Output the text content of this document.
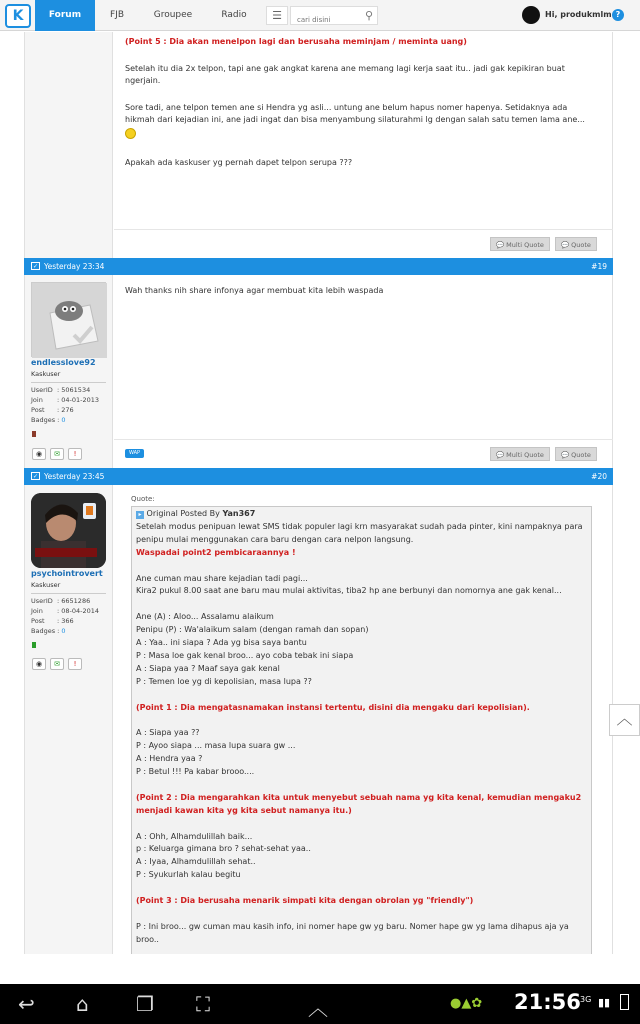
K	Forum	FJB	Groupee	Radio	☰
cari disini	⚲	Hi, produkmlm ?
(Point 5 : Dia akan menelpon lagi dan berusaha meminjam / meminta uang)
Setelah itu dia 2x telpon, tapi ane gak angkat karena ane memang lagi kerja saat itu.. jadi gak kepikiran buat ngerjain.
Sore tadi, ane telpon temen ane si Hendra yg asli... untung ane belum hapus nomer hapenya. Setidaknya ada hikmah dari kejadian ini, ane jadi ingat dan bisa menyambung silaturahmi lg dengan salah satu temen lama ane...
Apakah ada kaskuser yg pernah dapet telpon serupa ???
💬 Multi Quote	💬 Quote
✓ Yesterday 23:34	#19
endlesslove92
Kaskuser
UserID : 5061534
Join : 04-01-2013
Post : 276
Badges : 0
◉	✉	!
Wah thanks nih share infonya agar membuat kita lebih waspada
WAP	💬 Multi Quote	💬 Quote
✓ Yesterday 23:45	#20
psychointrovert
Kaskuser
UserID : 6651286
Join : 08-04-2014
Post : 366
Badges : 0
◉	✉	!
Quote:
▸ Original Posted By Yan367
Setelah modus penipuan lewat SMS tidak populer lagi krn masyarakat sudah pada pinter, kini nampaknya para penipu mulai menggunakan cara baru dengan cara nelpon langsung.
Waspadai point2 pembicaraannya !
Ane cuman mau share kejadian tadi pagi...
Kira2 pukul 8.00 saat ane baru mau mulai aktivitas, tiba2 hp ane berbunyi dan nomornya ane gak kenal...
Ane (A) : Aloo... Assalamu alaikum
Penipu (P) : Wa'alaikum salam (dengan ramah dan sopan)
A : Yaa.. ini siapa ? Ada yg bisa saya bantu
P : Masa loe gak kenal broo... ayo coba tebak ini siapa
A : Siapa yaa ? Maaf saya gak kenal
P : Temen loe yg di kepolisian, masa lupa ??
(Point 1 : Dia mengatasnamakan instansi tertentu, disini dia mengaku dari kepolisian).
A : Siapa yaa ??
P : Ayoo siapa ... masa lupa suara gw ...
A : Hendra yaa ?
P : Betul !!! Pa kabar brooo....
(Point 2 : Dia mengarahkan kita untuk menyebut sebuah nama yg kita kenal, kemudian mengaku2 menjadi kawan kita yg kita sebut namanya itu.)
A : Ohh, Alhamdulillah baik...
p : Keluarga gimana bro ? sehat-sehat yaa..
A : Iyaa, Alhamdulillah sehat..
P : Syukurlah kalau begitu
(Point 3 : Dia berusaha menarik simpati kita dengan obrolan yg "friendly")
P : Ini broo... gw cuman mau kasih info, ini nomer hape gw yg baru. Nomer hape gw yg lama dihapus aja ya broo..
︿
↩ ⌂ ❐ ⛶	︿	●▲✿ 21:56 3G ▮▮
